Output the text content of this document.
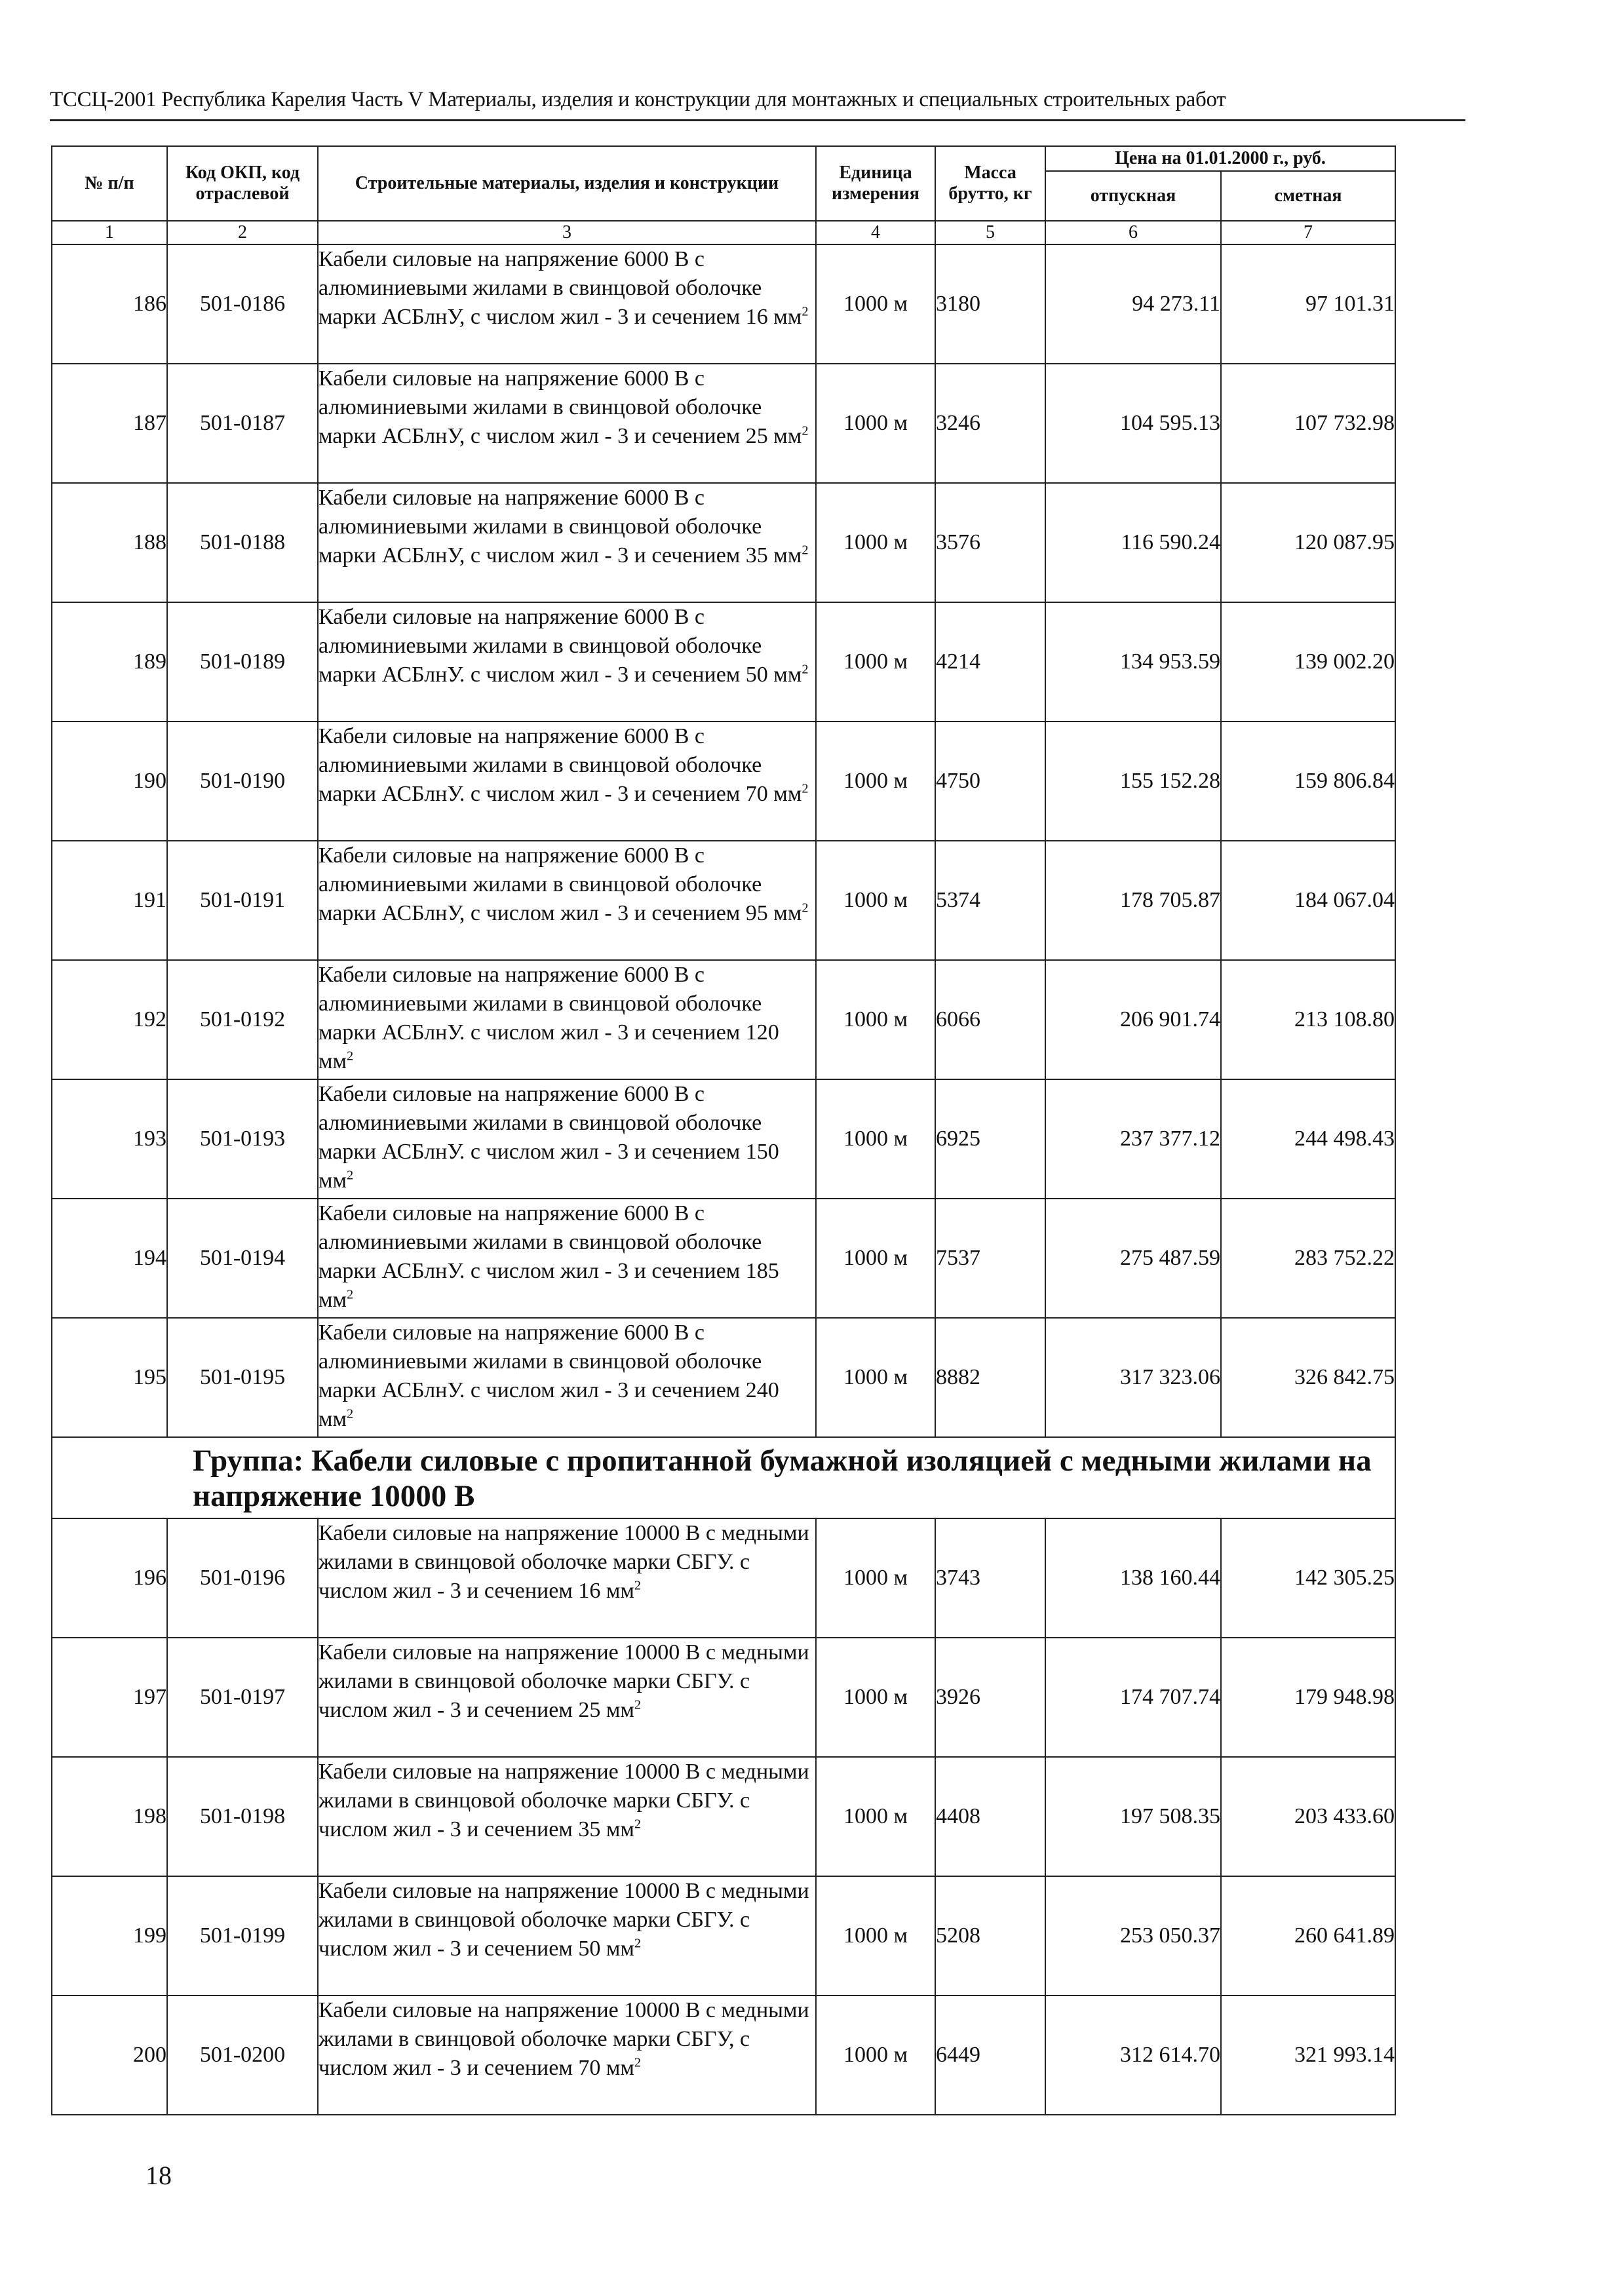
ТССЦ-2001 Республика Карелия Часть V Материалы, изделия и конструкции для монтажных и специальных строительных работ
№ п/п	Код ОКП, код отраслевой	Строительные материалы, изделия и конструкции	Единица измерения	Масса брутто, кг	Цена на 01.01.2000 г., руб.	
					отпускная	сметная
1	2	3	4	5	6	7
186	501-0186	Кабели силовые на напряжение 6000 В с алюминиевыми жилами в свинцовой оболочке марки АСБлнУ, с числом жил - 3 и сечением 16 $мм^2$	1000 м	3180	94 273.11	97 101.31
187	501-0187	Кабели силовые на напряжение 6000 В с алюминиевыми жилами в свинцовой оболочке марки АСБлнУ, с числом жил - 3 и сечением 25 $мм^2$	1000 м	3246	104 595.13	107 732.98
188	501-0188	Кабели силовые на напряжение 6000 В с алюминиевыми жилами в свинцовой оболочке марки АСБлнУ, с числом жил - 3 и сечением 35 $мм^2$	1000 м	3576	116 590.24	120 087.95
189	501-0189	Кабели силовые на напряжение 6000 В с алюминиевыми жилами в свинцовой оболочке марки АСБлнУ. с числом жил - 3 и сечением 50 $мм^2$	1000 м	4214	134 953.59	139 002.20
190	501-0190	Кабели силовые на напряжение 6000 В с алюминиевыми жилами в свинцовой оболочке марки АСБлнУ. с числом жил - 3 и сечением 70 $мм^2$	1000 м	4750	155 152.28	159 806.84
191	501-0191	Кабели силовые на напряжение 6000 В с алюминиевыми жилами в свинцовой оболочке марки АСБлнУ, с числом жил - 3 и сечением 95 $мм^2$	1000 м	5374	178 705.87	184 067.04
192	501-0192	Кабели силовые на напряжение 6000 В с алюминиевыми жилами в свинцовой оболочке марки АСБлнУ. с числом жил - 3 и сечением 120 $мм^2$	1000 м	6066	206 901.74	213 108.80
193	501-0193	Кабели силовые на напряжение 6000 В с алюминиевыми жилами в свинцовой оболочке марки АСБлнУ. с числом жил - 3 и сечением 150 $мм^2$	1000 м	6925	237 377.12	244 498.43
194	501-0194	Кабели силовые на напряжение 6000 В с алюминиевыми жилами в свинцовой оболочке марки АСБлнУ. с числом жил - 3 и сечением 185 $мм^2$	1000 м	7537	275 487.59	283 752.22
195	501-0195	Кабели силовые на напряжение 6000 В с алюминиевыми жилами в свинцовой оболочке марки АСБлнУ. с числом жил - 3 и сечением 240 $мм^2$	1000 м	8882	317 323.06	326 842.75
Группа: Кабели силовые с пропитанной бумажной изоляцией с медными жилами на напряжение 10000 В						
196	501-0196	Кабели силовые на напряжение 10000 В с медными жилами в свинцовой оболочке марки СБГУ. с числом жил - 3 и сечением 16 $мм^2$	1000 м	3743	138 160.44	142 305.25
197	501-0197	Кабели силовые на напряжение 10000 В с медными жилами в свинцовой оболочке марки СБГУ. с числом жил - 3 и сечением 25 $мм^2$	1000 м	3926	174 707.74	179 948.98
198	501-0198	Кабели силовые на напряжение 10000 В с медными жилами в свинцовой оболочке марки СБГУ. с числом жил - 3 и сечением 35 $мм^2$	1000 м	4408	197 508.35	203 433.60
199	501-0199	Кабели силовые на напряжение 10000 В с медными жилами в свинцовой оболочке марки СБГУ. с числом жил - 3 и сечением 50 $мм^2$	1000 м	5208	253 050.37	260 641.89
200	501-0200	Кабели силовые на напряжение 10000 В с медными жилами в свинцовой оболочке марки СБГУ, с числом жил - 3 и сечением 70 $мм^2$	1000 м	6449	312 614.70	321 993.14
18
